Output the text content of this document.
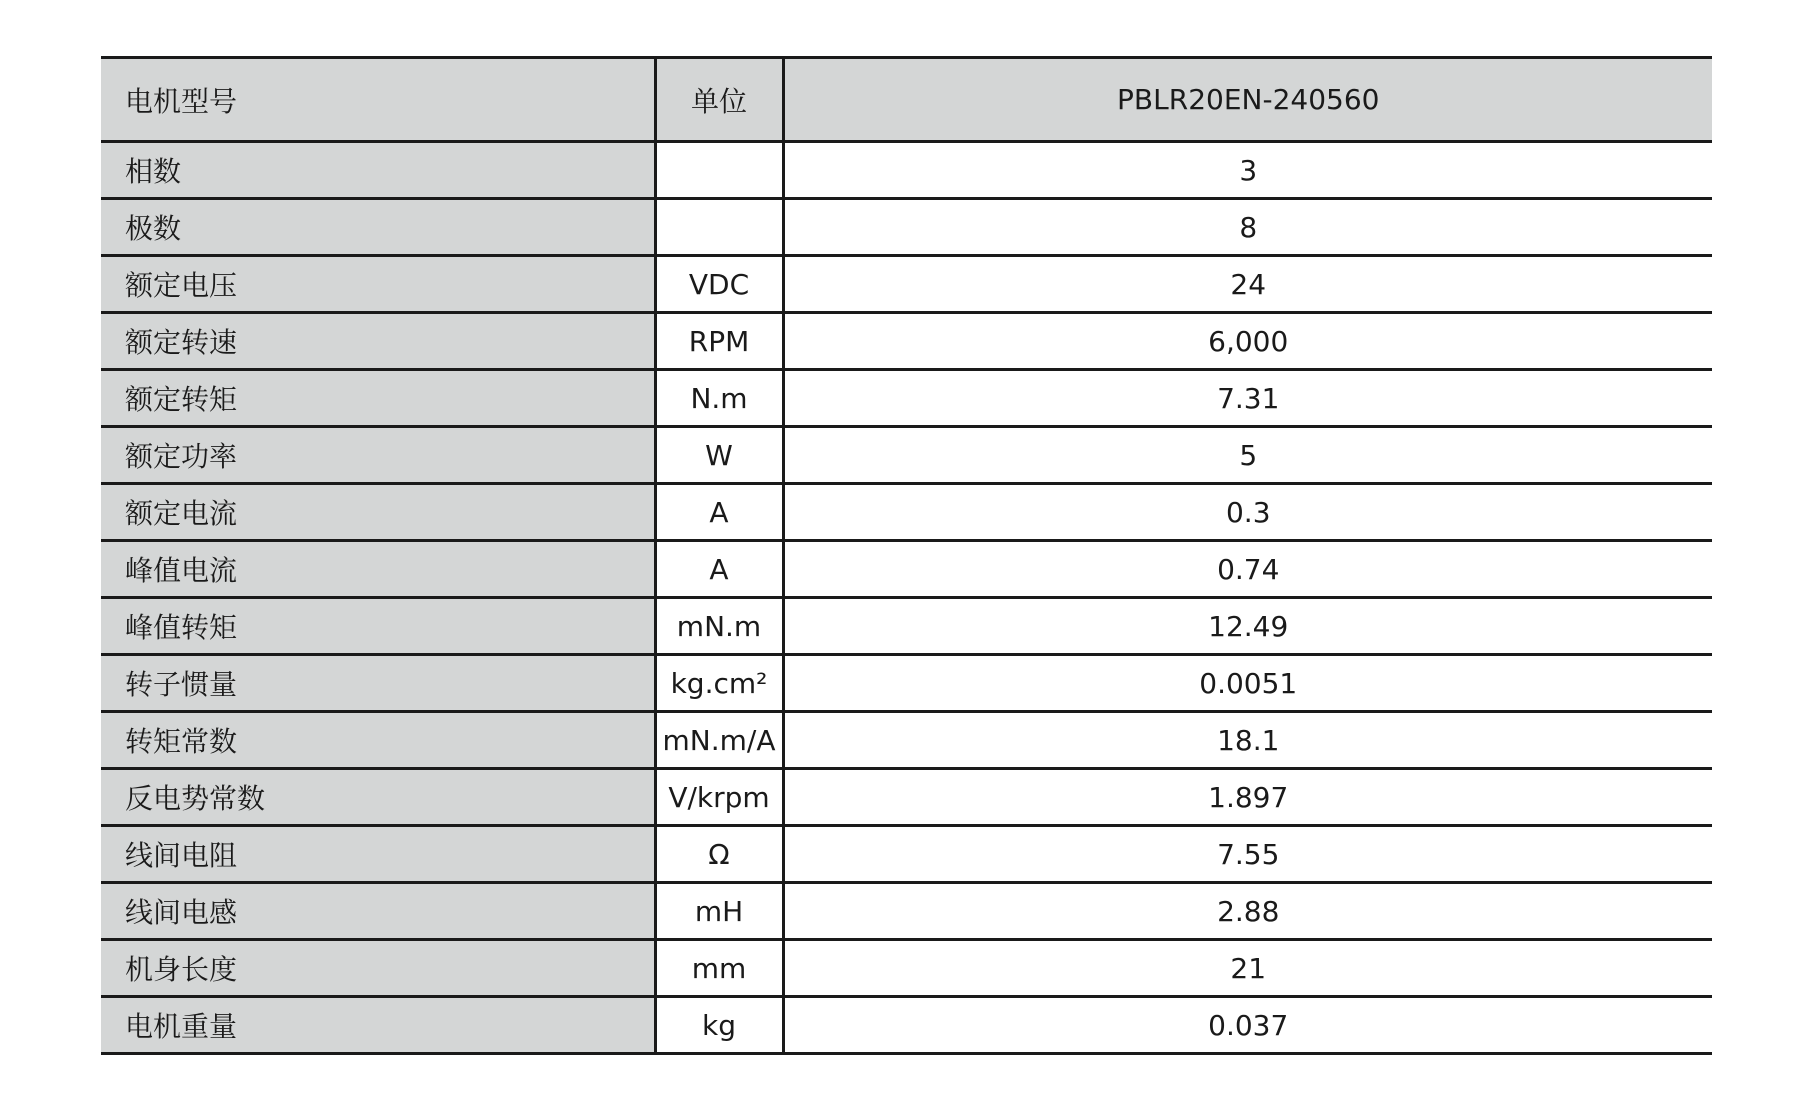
电机型号	单位	PBLR20EN-240560
相数		3
极数		8
额定电压	VDC	24
额定转速	RPM	6,000
额定转矩	N.m	7.31
额定功率	W	5
额定电流	A	0.3
峰值电流	A	0.74
峰值转矩	mN.m	12.49
转子惯量	kg.cm²	0.0051
转矩常数	mN.m/A	18.1
反电势常数	V/krpm	1.897
线间电阻	Ω	7.55
线间电感	mH	2.88
机身长度	mm	21
电机重量	kg	0.037
